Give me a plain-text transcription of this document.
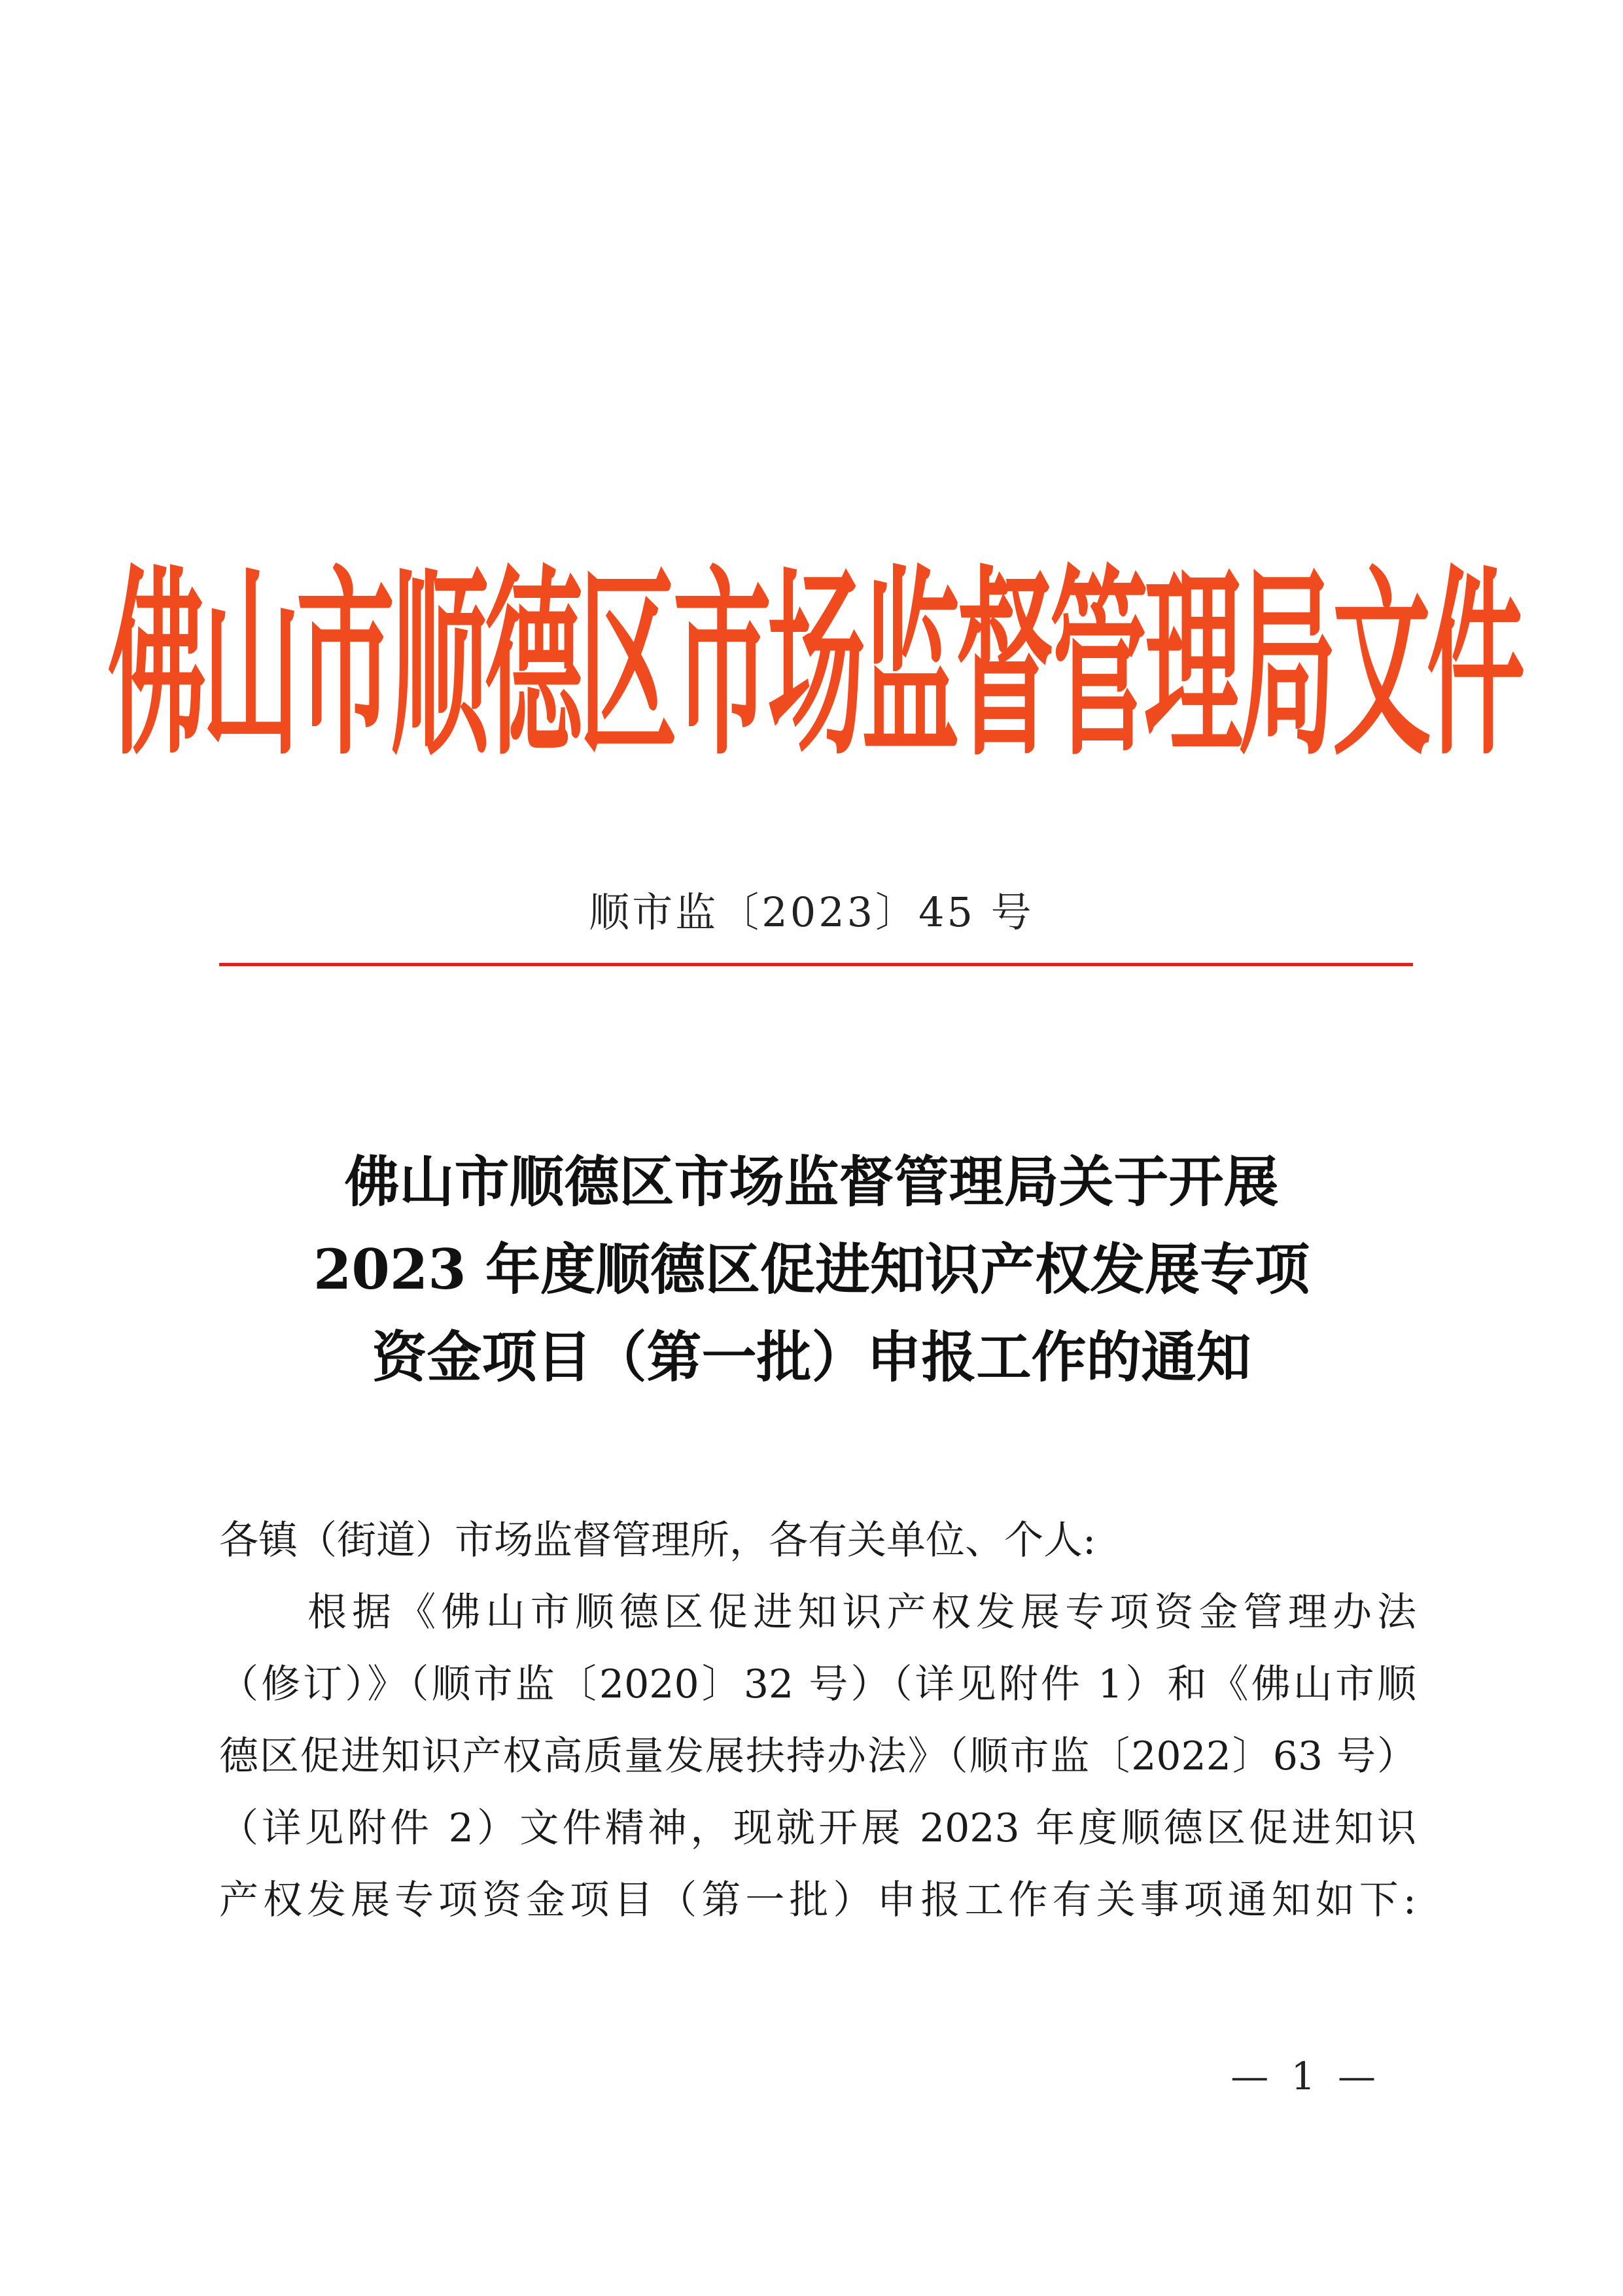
佛山市顺德区市场监督管理局文件
顺市监〔2023〕45 号
佛山市顺德区市场监督管理局关于开展
2023 年度顺德区促进知识产权发展专项
资金项目（第一批）申报工作的通知
各镇（街道）市场监督管理所，各有关单位、个人:
根据《佛山市顺德区促进知识产权发展专项资金管理办法
（修订）》（顺市监〔2020〕32 号）（详见附件 1）和《佛山市顺
德区促进知识产权高质量发展扶持办法》（顺市监〔2022〕63 号）
（详见附件 2）文件精神，现就开展 2023 年度顺德区促进知识
产权发展专项资金项目（第一批）申报工作有关事项通知如下:
— 1 —
